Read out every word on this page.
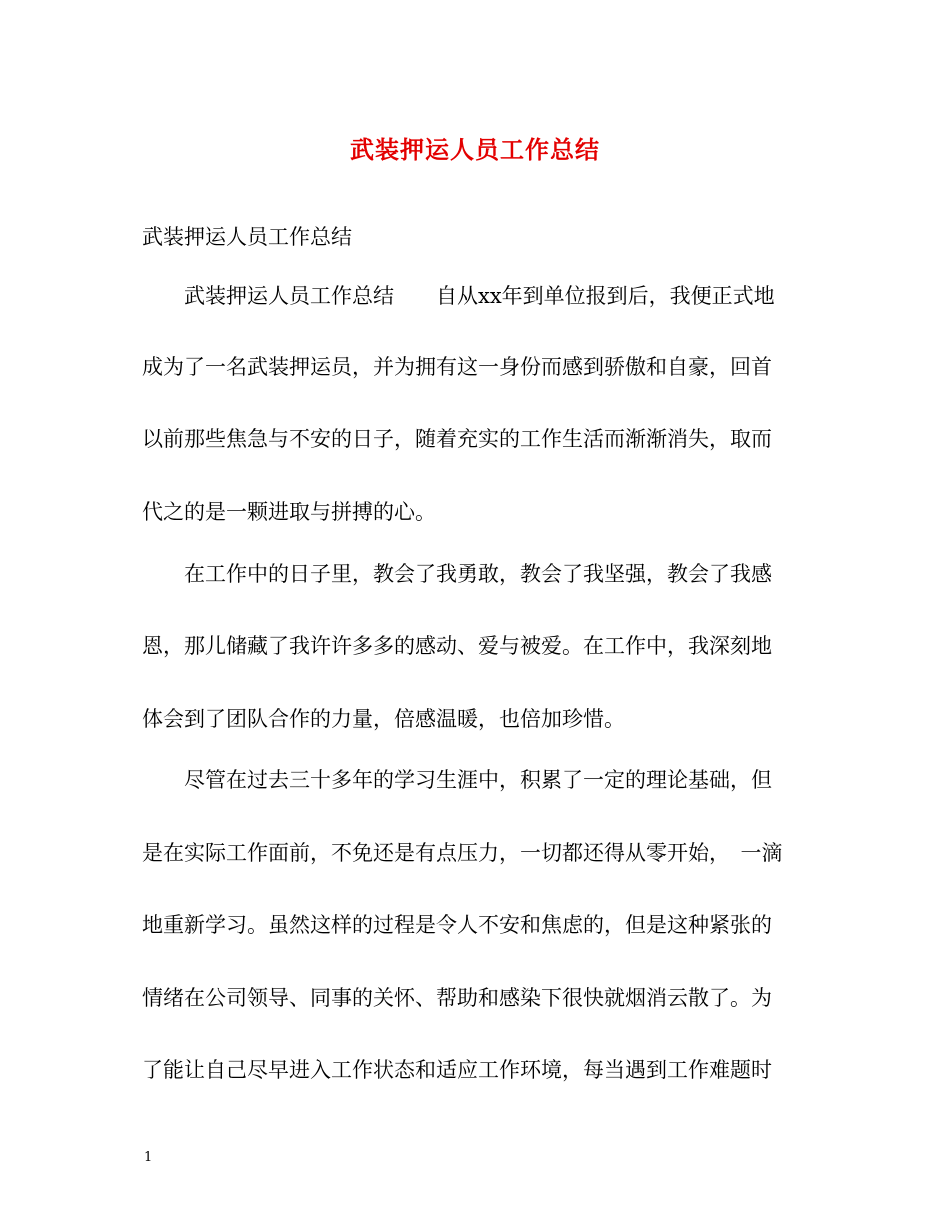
武装押运人员工作总结
武装押运人员工作总结
　　武装押运人员工作总结　　自从xx年到单位报到后，我便正式地
成为了一名武装押运员，并为拥有这一身份而感到骄傲和自豪，回首
以前那些焦急与不安的日子，随着充实的工作生活而渐渐消失，取而
代之的是一颗进取与拼搏的心。
　　在工作中的日子里，教会了我勇敢，教会了我坚强，教会了我感
恩，那儿储藏了我许许多多的感动、爱与被爱。在工作中，我深刻地
体会到了团队合作的力量，倍感温暖，也倍加珍惜。
　　尽管在过去三十多年的学习生涯中，积累了一定的理论基础，但
是在实际工作面前，不免还是有点压力，一切都还得从零开始，　一滴
地重新学习。虽然这样的过程是令人不安和焦虑的，但是这种紧张的
情绪在公司领导、同事的关怀、帮助和感染下很快就烟消云散了。为
了能让自己尽早进入工作状态和适应工作环境，每当遇到工作难题时
1
